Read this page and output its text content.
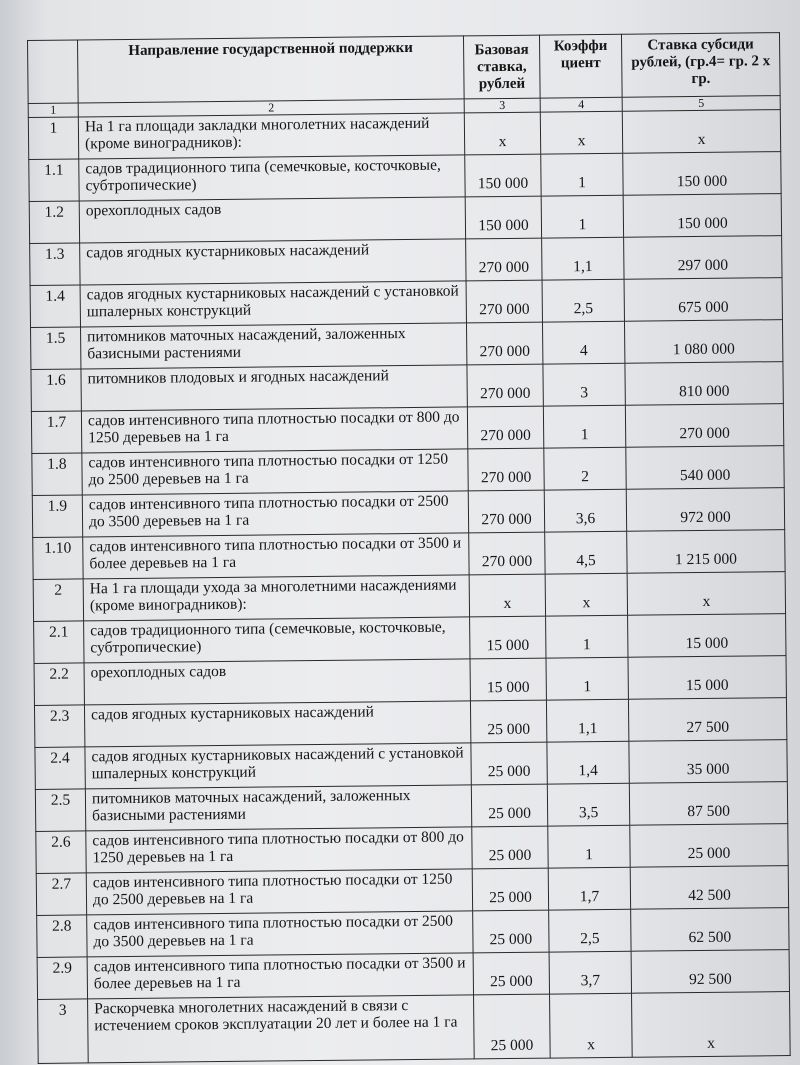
	Направление государственной поддержки	Базовая ставка, рублей	Коэффи циент	Ставка субсиди рублей, (гр.4= гр. 2 х гр.
1	2	3	4	5
1	На 1 га площади закладки многолетних насаждений (кроме виноградников):	х	х	х
1.1	садов традиционного типа (семечковые, косточковые, субтропические)	150 000	1	150 000
1.2	орехоплодных садов	150 000	1	150 000
1.3	садов ягодных кустарниковых насаждений	270 000	1,1	297 000
1.4	садов ягодных кустарниковых насаждений с установкой шпалерных конструкций	270 000	2,5	675 000
1.5	питомников маточных насаждений, заложенных базисными растениями	270 000	4	1 080 000
1.6	питомников плодовых и ягодных насаждений	270 000	3	810 000
1.7	садов интенсивного типа плотностью посадки от 800 до 1250 деревьев на 1 га	270 000	1	270 000
1.8	садов интенсивного типа плотностью посадки от 1250 до 2500 деревьев на 1 га	270 000	2	540 000
1.9	садов интенсивного типа плотностью посадки от 2500 до 3500 деревьев на 1 га	270 000	3,6	972 000
1.10	садов интенсивного типа плотностью посадки от 3500 и более деревьев на 1 га	270 000	4,5	1 215 000
2	На 1 га площади ухода за многолетними насаждениями (кроме виноградников):	х	х	х
2.1	садов традиционного типа (семечковые, косточковые, субтропические)	15 000	1	15 000
2.2	орехоплодных садов	15 000	1	15 000
2.3	садов ягодных кустарниковых насаждений	25 000	1,1	27 500
2.4	садов ягодных кустарниковых насаждений с установкой шпалерных конструкций	25 000	1,4	35 000
2.5	питомников маточных насаждений, заложенных базисными растениями	25 000	3,5	87 500
2.6	садов интенсивного типа плотностью посадки от 800 до 1250 деревьев на 1 га	25 000	1	25 000
2.7	садов интенсивного типа плотностью посадки от 1250 до 2500 деревьев на 1 га	25 000	1,7	42 500
2.8	садов интенсивного типа плотностью посадки от 2500 до 3500 деревьев на 1 га	25 000	2,5	62 500
2.9	садов интенсивного типа плотностью посадки от 3500 и более деревьев на 1 га	25 000	3,7	92 500
3	Раскорчевка многолетних насаждений в связи с истечением сроков эксплуатации 20 лет и более на 1 га	25 000	х	х
